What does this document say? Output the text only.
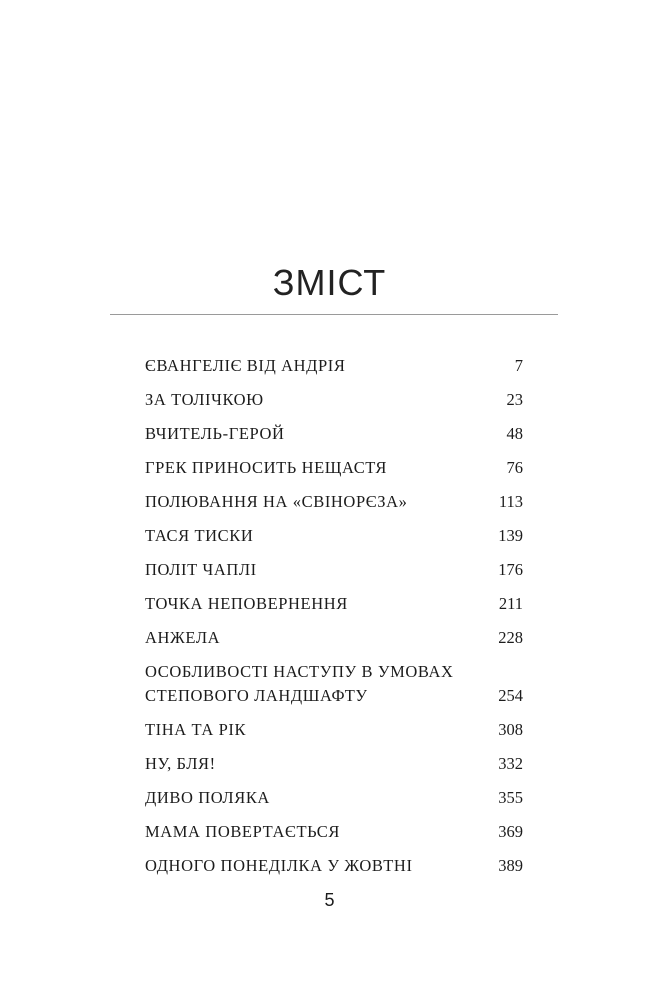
ЗМІСТ
ЄВАНГЕЛІЄ ВІД АНДРІЯ	7
ЗА ТОЛІЧКОЮ	23
ВЧИТЕЛЬ-ГЕРОЙ	48
ГРЕК ПРИНОСИТЬ НЕЩАСТЯ	76
ПОЛЮВАННЯ НА «СВІНОРЄЗА»	113
ТАСЯ ТИСКИ	139
ПОЛІТ ЧАПЛІ	176
ТОЧКА НЕПОВЕРНЕННЯ	211
АНЖЕЛА	228
ОСОБЛИВОСТІ НАСТУПУ В УМОВАХ
СТЕПОВОГО ЛАНДШАФТУ	254
ТІНА ТА РІК	308
НУ, БЛЯ!	332
ДИВО ПОЛЯКА	355
МАМА ПОВЕРТАЄТЬСЯ	369
ОДНОГО ПОНЕДІЛКА У ЖОВТНІ	389
5
